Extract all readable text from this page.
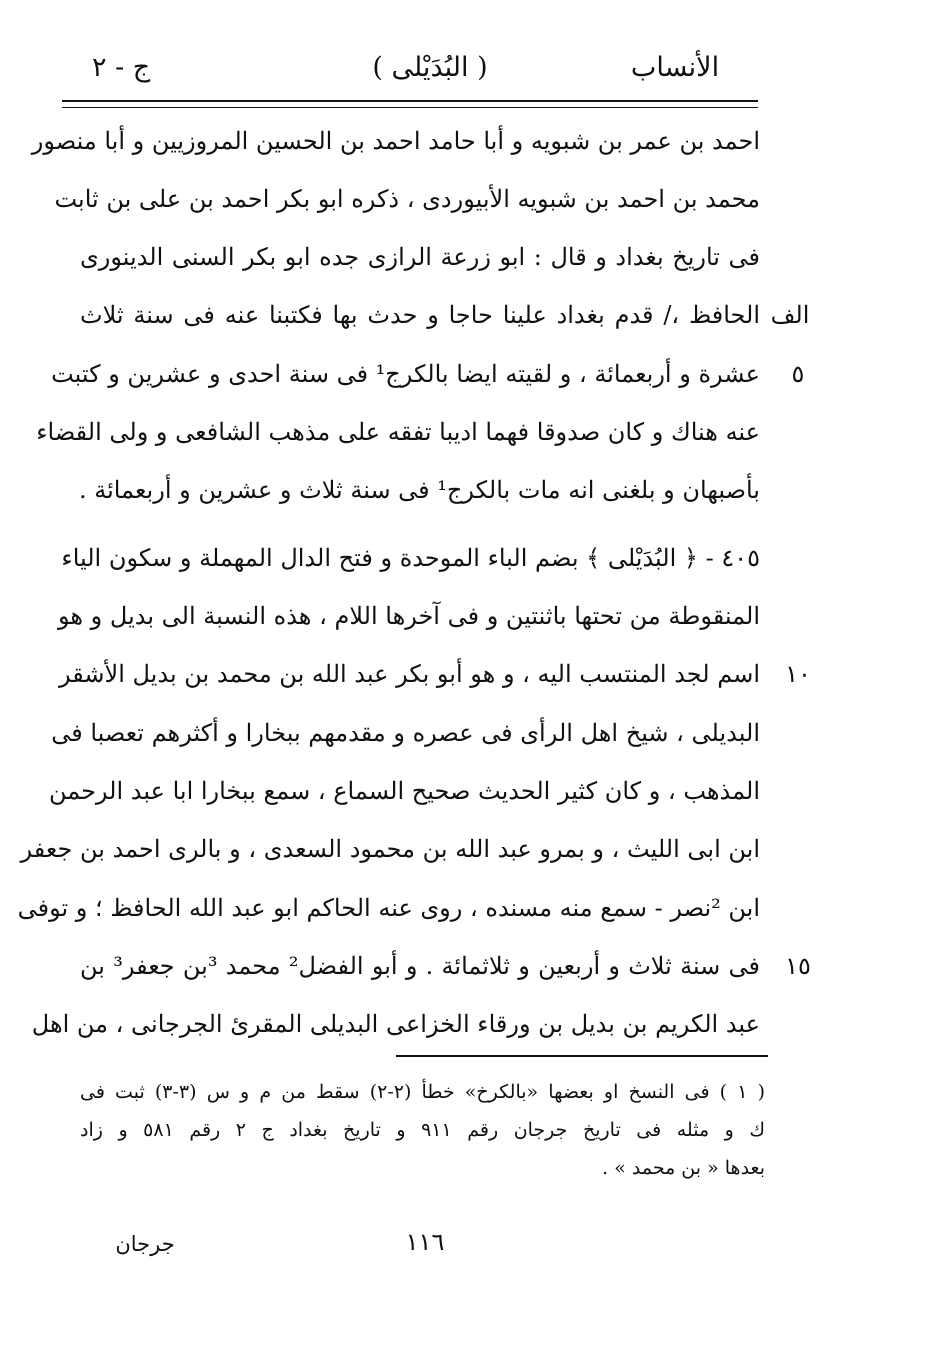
ج - ٢	( البُدَيْلى )	الأنساب
احمد بن عمر بن شبويه و أبا حامد احمد بن الحسين المروزيين و أبا منصور
محمد بن احمد بن شبويه الأبيوردى ، ذكره ابو بكر احمد بن على بن ثابت
فى تاريخ بغداد و قال : ابو زرعة الرازى جده ابو بكر السنى الدينورى
الحافظ ،/ قدم بغداد علينا حاجا و حدث بها فكتبنا عنه فى سنة ثلاث
عشرة و أربعمائة ، و لقيته ايضا بالكرج¹ فى سنة احدى و عشرين و كتبت
عنه هناك و كان صدوقا فهما اديبا تفقه على مذهب الشافعى و ولى القضاء
بأصبهان و بلغنى انه مات بالكرج¹ فى سنة ثلاث و عشرين و أربعمائة .
٤٠٥ - ﴿ البُدَيْلى ﴾ بضم الباء الموحدة و فتح الدال المهملة و سكون الياء
المنقوطة من تحتها باثنتين و فى آخرها اللام ، هذه النسبة الى بديل و هو
اسم لجد المنتسب اليه ، و هو أبو بكر عبد الله بن محمد بن بديل الأشقر
البديلى ، شيخ اهل الرأى فى عصره و مقدمهم ببخارا و أكثرهم تعصبا فى
المذهب ، و كان كثير الحديث صحيح السماع ، سمع ببخارا ابا عبد الرحمن
ابن ابى الليث ، و بمرو عبد الله بن محمود السعدى ، و بالرى احمد بن جعفر
ابن ²نصر - سمع منه مسنده ، روى عنه الحاكم ابو عبد الله الحافظ ؛ و توفى
فى سنة ثلاث و أربعين و ثلاثمائة . و أبو الفضل² محمد ³بن جعفر³ بن
عبد الكريم بن بديل بن ورقاء الخزاعى البديلى المقرئ الجرجانى ، من اهل
الف
٥
١٠
١٥
( ١ ) فى النسخ او بعضها «بالكرخ» خطأ (٢-٢) سقط من م و س (٣-٣) ثبت فى
ك و مثله فى تاريخ جرجان رقم ٩١١ و تاريخ بغداد ج ٢ رقم ٥٨١ و زاد
بعدها « بن محمد » .
١١٦
جرجان
